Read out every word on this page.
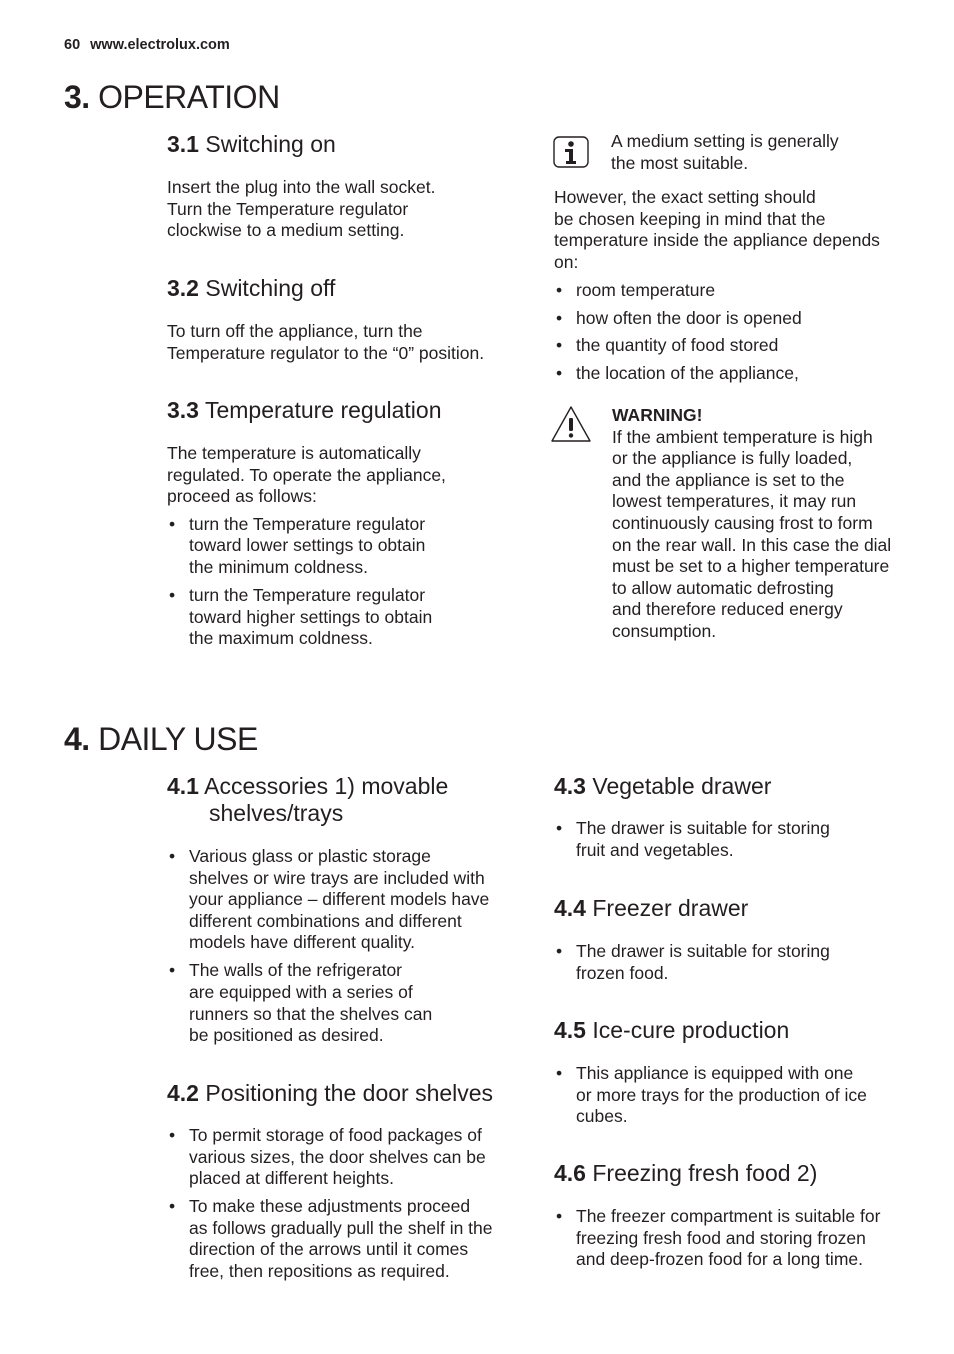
60 www.electrolux.com
3. OPERATION
3.1 Switching on
Insert the plug into the wall socket.
Turn the Temperature regulator
clockwise to a medium setting.
3.2 Switching off
To turn off the appliance, turn the
Temperature regulator to the “0” position.
3.3 Temperature regulation
The temperature is automatically
regulated. To operate the appliance,
proceed as follows:
• turn the Temperature regulator
toward lower settings to obtain
the minimum coldness.
• turn the Temperature regulator
toward higher settings to obtain
the maximum coldness.
A medium setting is generally
the most suitable.
However, the exact setting should
be chosen keeping in mind that the
temperature inside the appliance depends
on:
• room temperature
• how often the door is opened
• the quantity of food stored
• the location of the appliance,
WARNING!
If the ambient temperature is high
or the appliance is fully loaded,
and the appliance is set to the
lowest temperatures, it may run
continuously causing frost to form
on the rear wall. In this case the dial
must be set to a higher temperature
to allow automatic defrosting
and therefore reduced energy
consumption.
4. DAILY USE
4.1 Accessories 1) movable
shelves/trays
• Various glass or plastic storage
shelves or wire trays are included with
your appliance – different models have
different combinations and different
models have different quality.
• The walls of the refrigerator
are equipped with a series of
runners so that the shelves can
be positioned as desired.
4.2 Positioning the door shelves
• To permit storage of food packages of
various sizes, the door shelves can be
placed at different heights.
• To make these adjustments proceed
as follows gradually pull the shelf in the
direction of the arrows until it comes
free, then repositions as required.
4.3 Vegetable drawer
• The drawer is suitable for storing
fruit and vegetables.
4.4 Freezer drawer
• The drawer is suitable for storing
frozen food.
4.5 Ice-cure production
• This appliance is equipped with one
or more trays for the production of ice
cubes.
4.6 Freezing fresh food 2)
• The freezer compartment is suitable for
freezing fresh food and storing frozen
and deep-frozen food for a long time.
